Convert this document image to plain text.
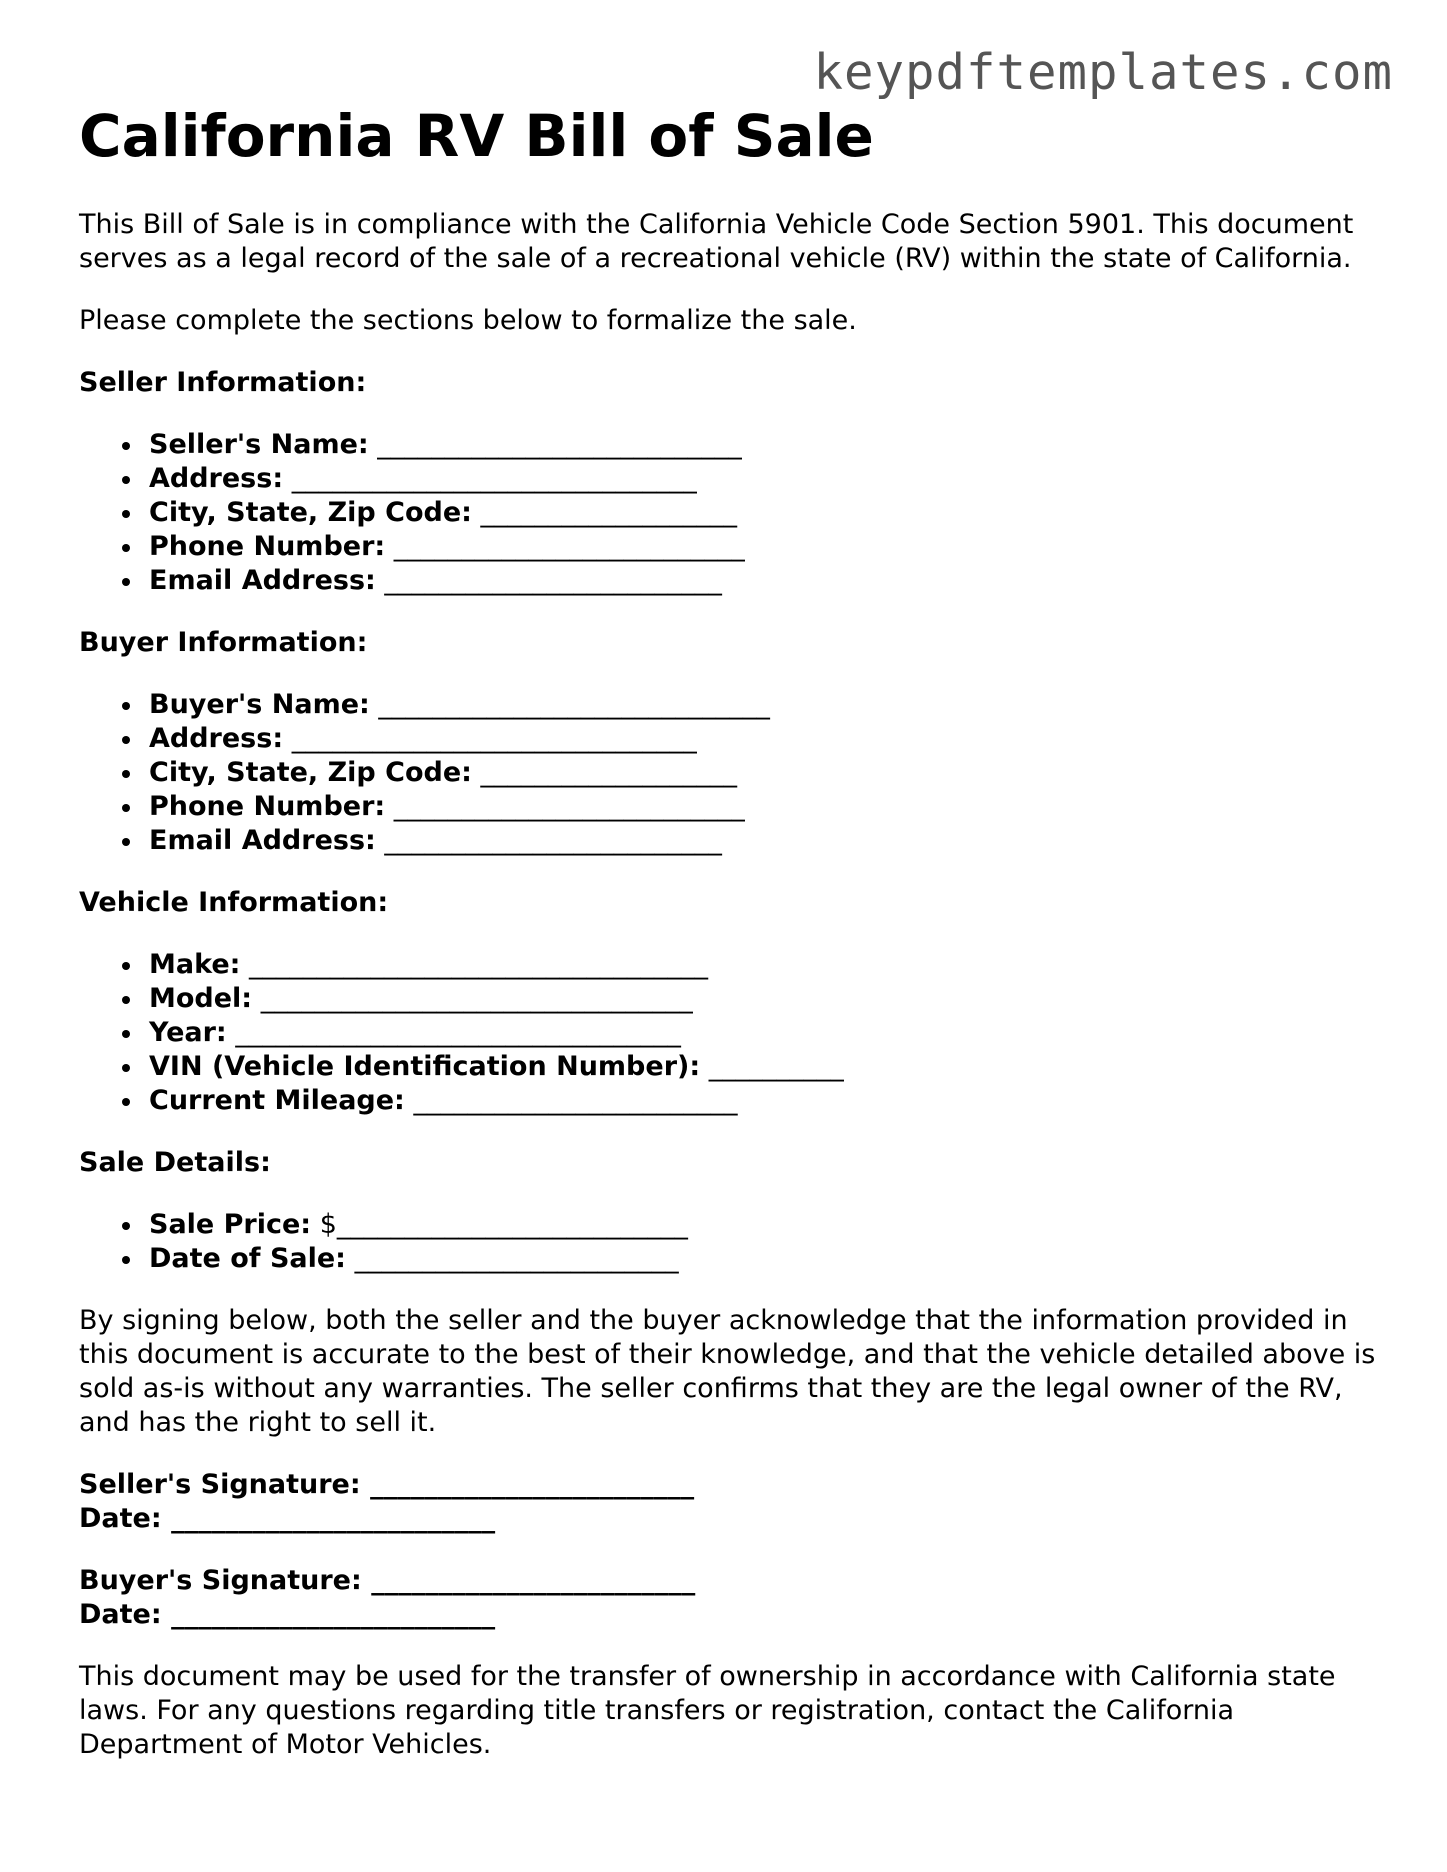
keypdftemplates.com
California RV Bill of Sale

This Bill of Sale is in compliance with the California Vehicle Code Section 5901. This document serves as a legal record of the sale of a recreational vehicle (RV) within the state of California.

Please complete the sections below to formalize the sale.

Seller Information:
Seller's Name: ___________________________
Address: ______________________________
City, State, Zip Code: ___________________
Phone Number: __________________________
Email Address: _________________________
Buyer Information:
Buyer's Name: _____________________________
Address: ______________________________
City, State, Zip Code: ___________________
Phone Number: __________________________
Email Address: _________________________
Vehicle Information:
Make: __________________________________
Model: ________________________________
Year: _________________________________
VIN (Vehicle Identification Number): __________
Current Mileage: ________________________
Sale Details:
Sale Price: $__________________________
Date of Sale: ________________________

By signing below, both the seller and the buyer acknowledge that the information provided in this document is accurate to the best of their knowledge, and that the vehicle detailed above is sold as-is without any warranties. The seller confirms that they are the legal owner of the RV, and has the right to sell it.

Seller's Signature: ________________________
Date: ________________________
Buyer's Signature: ________________________
Date: ________________________

This document may be used for the transfer of ownership in accordance with California state laws. For any questions regarding title transfers or registration, contact the California Department of Motor Vehicles.
